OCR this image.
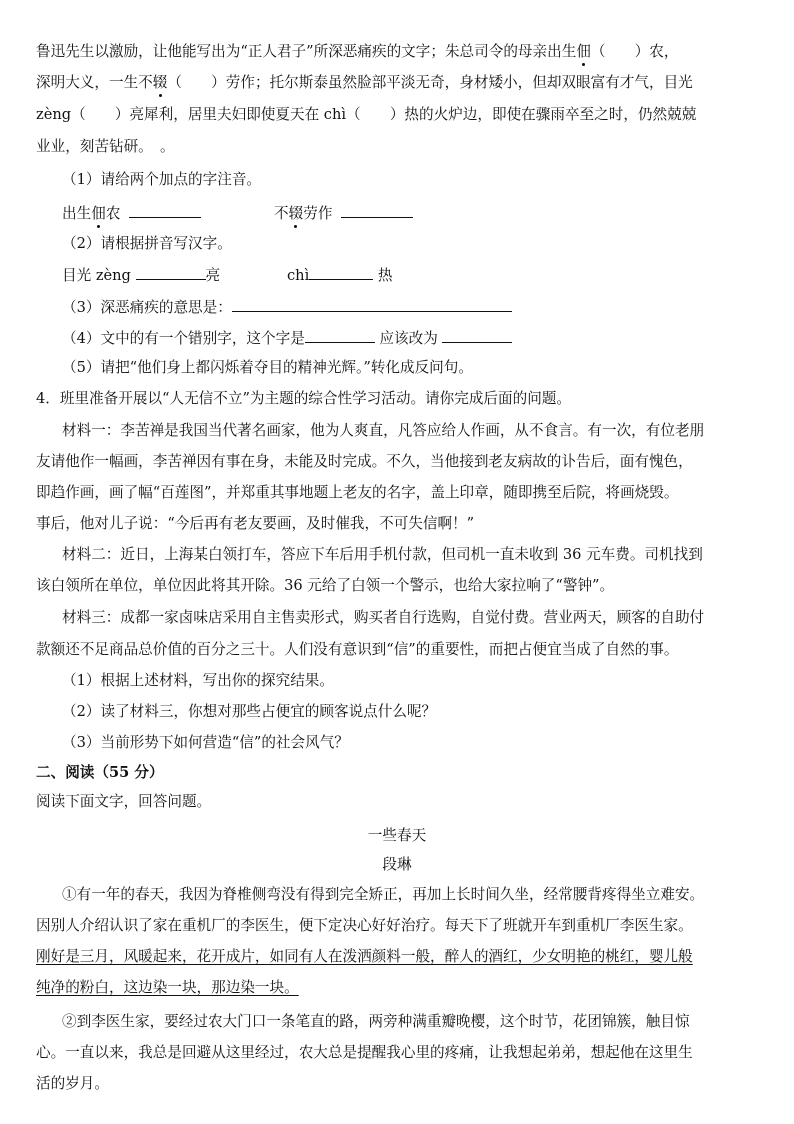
鲁迅先生以激励，让他能写出为“正人君子”所深恶痛疾的文字；朱总司令的母亲出生佃（　　）农，
深明大义，一生不辍（　　）劳作；托尔斯泰虽然脸部平淡无奇，身材矮小，但却双眼富有才气，目光
zèng（　　）亮犀利，居里夫妇即使夏天在 chì（　　）热的火炉边，即使在骤雨卒至之时，仍然兢兢
业业，刻苦钻研。　。
（1）请给两个加点的字注音。
出生佃农	不辍劳作
（2）请根据拼音写汉字。
目光 zèng	亮	chì	热
（3）深恶痛疾的意思是：
（4）文中的有一个错别字，这个字是	应该改为
（5）请把“他们身上都闪烁着夺目的精神光辉。”转化成反问句。
4．班里准备开展以“人无信不立”为主题的综合性学习活动。请你完成后面的问题。
材料一：李苦禅是我国当代著名画家，他为人爽直，凡答应给人作画，从不食言。有一次，有位老朋
友请他作一幅画，李苦禅因有事在身，未能及时完成。不久，当他接到老友病故的讣告后，面有愧色，
即趋作画，画了幅“百莲图”，并郑重其事地题上老友的名字，盖上印章，随即携至后院，将画烧毁。
事后，他对儿子说：“今后再有老友要画，及时催我，不可失信啊！”
材料二：近日，上海某白领打车，答应下车后用手机付款，但司机一直未收到 36 元车费。司机找到
该白领所在单位，单位因此将其开除。36 元给了白领一个警示，也给大家拉响了“警钟”。
材料三：成都一家卤味店采用自主售卖形式，购买者自行选购，自觉付费。营业两天，顾客的自助付
款额还不足商品总价值的百分之三十。人们没有意识到“信”的重要性，而把占便宜当成了自然的事。
（1）根据上述材料，写出你的探究结果。
（2）读了材料三，你想对那些占便宜的顾客说点什么呢？
（3）当前形势下如何营造“信”的社会风气？
二、阅读（55 分）
阅读下面文字，回答问题。
一些春天
段琳
①有一年的春天，我因为脊椎侧弯没有得到完全矫正，再加上长时间久坐，经常腰背疼得坐立难安。
因别人介绍认识了家在重机厂的李医生，便下定决心好好治疗。每天下了班就开车到重机厂李医生家。
刚好是三月，风暖起来，花开成片，如同有人在泼洒颜料一般，醉人的酒红，少女明艳的桃红，婴儿般
纯净的粉白，这边染一块，那边染一块。
②到李医生家，要经过农大门口一条笔直的路，两旁种满重瓣晚樱，这个时节，花团锦簇，触目惊
心。一直以来，我总是回避从这里经过，农大总是提醒我心里的疼痛，让我想起弟弟，想起他在这里生
活的岁月。
